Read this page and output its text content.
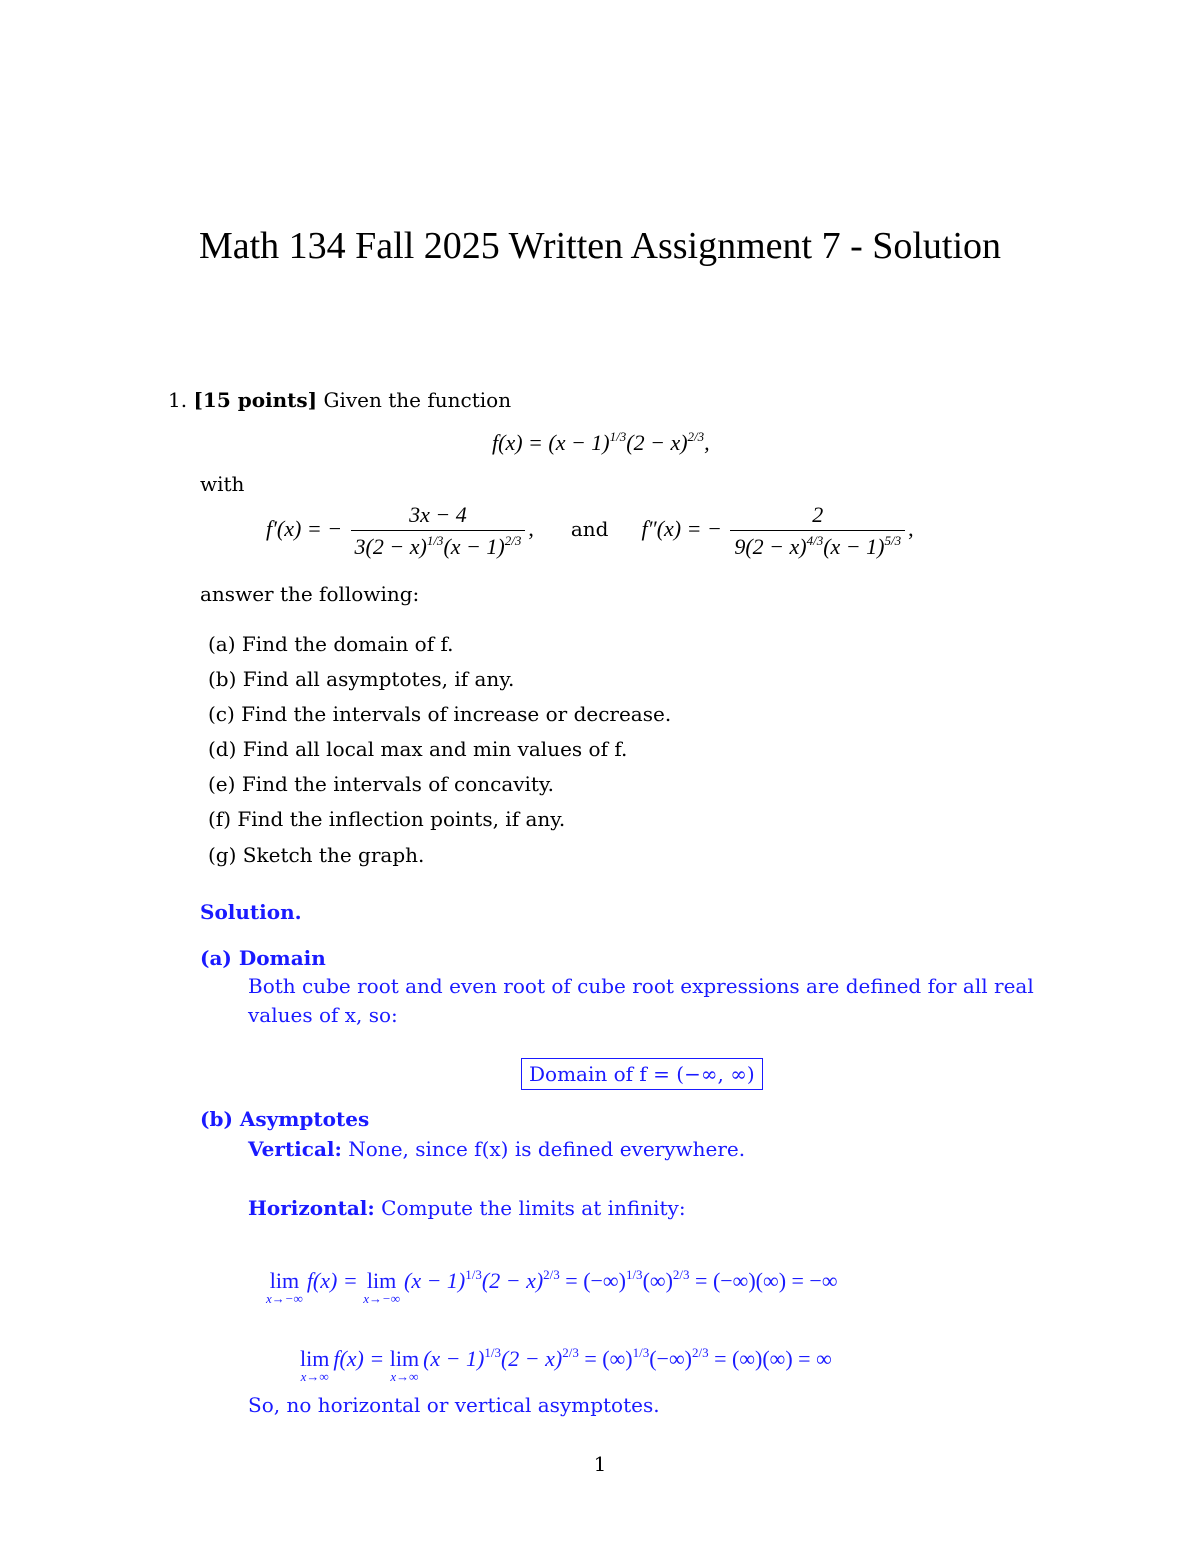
Math 134 Fall 2025 Written Assignment 7 - Solution
1. [15 points] Given the function
$f(x) = (x - 1)^{1/3}(2 - x)^{2/3}$,
with
f′(x) = − $\frac{3x - 4}{3(2 - x)^{1/3}(x - 1)^{2/3}}$ , and f″(x) = − $\frac{2}{9(2 - x)^{4/3}(x - 1)^{5/3}}$ ,
answer the following:
(a) Find the domain of f.
(b) Find all asymptotes, if any.
(c) Find the intervals of increase or decrease.
(d) Find all local max and min values of f.
(e) Find the intervals of concavity.
(f) Find the inflection points, if any.
(g) Sketch the graph.
Solution.
(a) Domain
Both cube root and even root of cube root expressions are defined for all real
values of x, so:
Domain of f = (−∞, ∞)
(b) Asymptotes
Vertical: None, since f(x) is defined everywhere.
Horizontal: Compute the limits at infinity:
lim
x→−∞
f(x) = lim
x→−∞
$(x - 1)^{1/3}(2 - x)^{2/3} = (-\infty)^{1/3}(\infty)^{2/3}$ = (−∞)(∞) = −∞
lim
x→∞
f(x) = lim
x→∞
$(x - 1)^{1/3}(2 - x)^{2/3} = (\infty)^{1/3}(-\infty)^{2/3}$ = (∞)(∞) = ∞
So, no horizontal or vertical asymptotes.
1
